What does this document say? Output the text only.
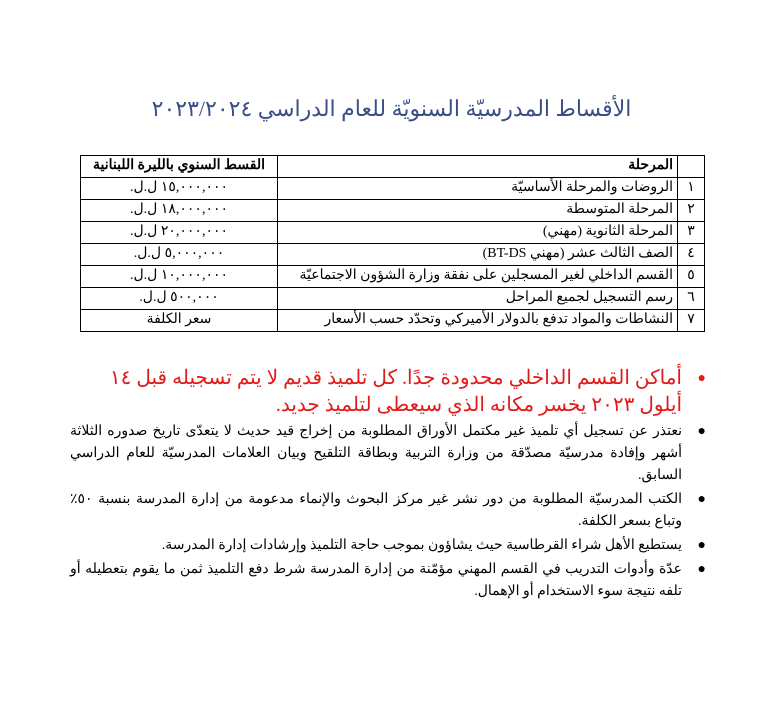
الأقساط المدرسيّة السنويّة للعام الدراسي ٢٠٢٣/٢٠٢٤
	المرحلة	القسط السنوي بالليرة اللبنانية
١	الروضات والمرحلة الأساسيّة	١٥,٠٠٠,٠٠٠ ل.ل.
٢	المرحلة المتوسطة	١٨,٠٠٠,٠٠٠ ل.ل.
٣	المرحلة الثانوية (مهني)	٢٠,٠٠٠,٠٠٠ ل.ل.
٤	الصف الثالث عشر (مهني BT-DS)	٥,٠٠٠,٠٠٠ ل.ل.
٥	القسم الداخلي لغير المسجلين على نفقة وزارة الشؤون الاجتماعيّة	١٠,٠٠٠,٠٠٠ ل.ل.
٦	رسم التسجيل لجميع المراحل	٥٠٠,٠٠٠ ل.ل.
٧	النشاطات والمواد تدفع بالدولار الأميركي وتحدّد حسب الأسعار	سعر الكلفة
●
أماكن القسم الداخلي محدودة جدًا. كل تلميذ قديم لا يتم تسجيله قبل ١٤ أيلول ٢٠٢٣ يخسر مكانه الذي سيعطى لتلميذ جديد.
●
نعتذر عن تسجيل أي تلميذ غير مكتمل الأوراق المطلوبة من إخراج قيد حديث لا يتعدّى تاريخ صدوره الثلاثة أشهر وإفادة مدرسيّة مصدّقة من وزارة التربية وبطاقة التلقيح وبيان العلامات المدرسيّة للعام الدراسي السابق.
●
الكتب المدرسيّة المطلوبة من دور نشر غير مركز البحوث والإنماء مدعومة من إدارة المدرسة بنسبة ٥٠٪ وتباع بسعر الكلفة.
●
يستطيع الأهل شراء القرطاسية حيث يشاؤون بموجب حاجة التلميذ وإرشادات إدارة المدرسة.
●
عدّة وأدوات التدريب في القسم المهني مؤمّنة من إدارة المدرسة شرط دفع التلميذ ثمن ما يقوم بتعطيله أو تلفه نتيجة سوء الاستخدام أو الإهمال.
